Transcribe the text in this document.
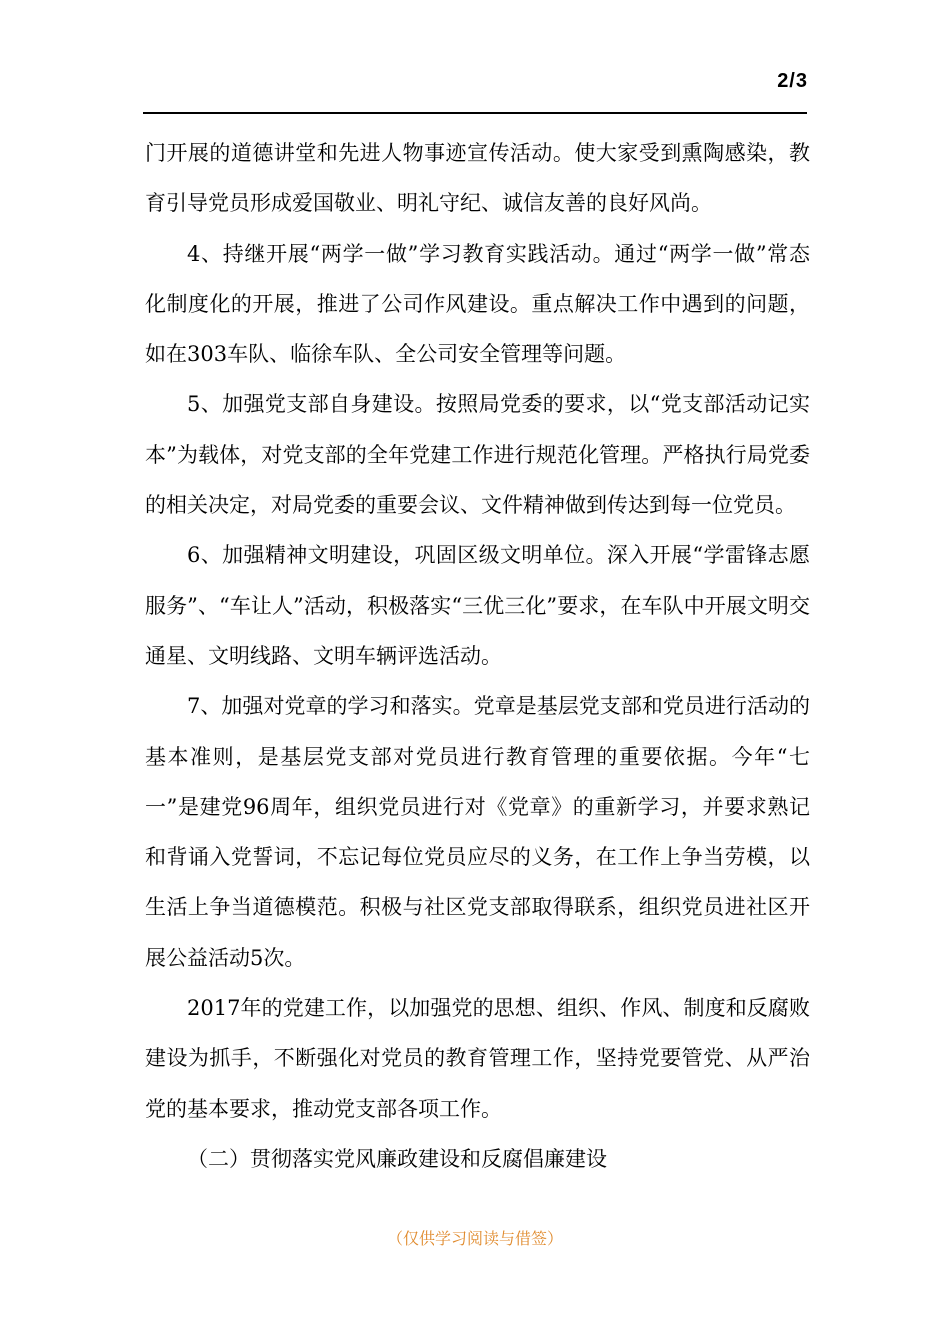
2/3

门开展的道德讲堂和先进人物事迹宣传活动。使大家受到熏陶感染，教育引导党员形成爱国敬业、明礼守纪、诚信友善的良好风尚。

4、持继开展“两学一做”学习教育实践活动。通过“两学一做”常态化制度化的开展，推进了公司作风建设。重点解决工作中遇到的问题，如在303车队、临徐车队、全公司安全管理等问题。

5、加强党支部自身建设。按照局党委的要求，以“党支部活动记实本”为载体，对党支部的全年党建工作进行规范化管理。严格执行局党委的相关决定，对局党委的重要会议、文件精神做到传达到每一位党员。

6、加强精神文明建设，巩固区级文明单位。深入开展“学雷锋志愿服务”、“车让人”活动，积极落实“三优三化”要求，在车队中开展文明交通星、文明线路、文明车辆评选活动。

7、加强对党章的学习和落实。党章是基层党支部和党员进行活动的基本准则，是基层党支部对党员进行教育管理的重要依据。今年“七一”是建党96周年，组织党员进行对《党章》的重新学习，并要求熟记和背诵入党誓词，不忘记每位党员应尽的义务，在工作上争当劳模，以生活上争当道德模范。积极与社区党支部取得联系，组织党员进社区开展公益活动5次。

2017年的党建工作，以加强党的思想、组织、作风、制度和反腐败建设为抓手，不断强化对党员的教育管理工作，坚持党要管党、从严治党的基本要求，推动党支部各项工作。

（二）贯彻落实党风廉政建设和反腐倡廉建设

（仅供学习阅读与借签）
